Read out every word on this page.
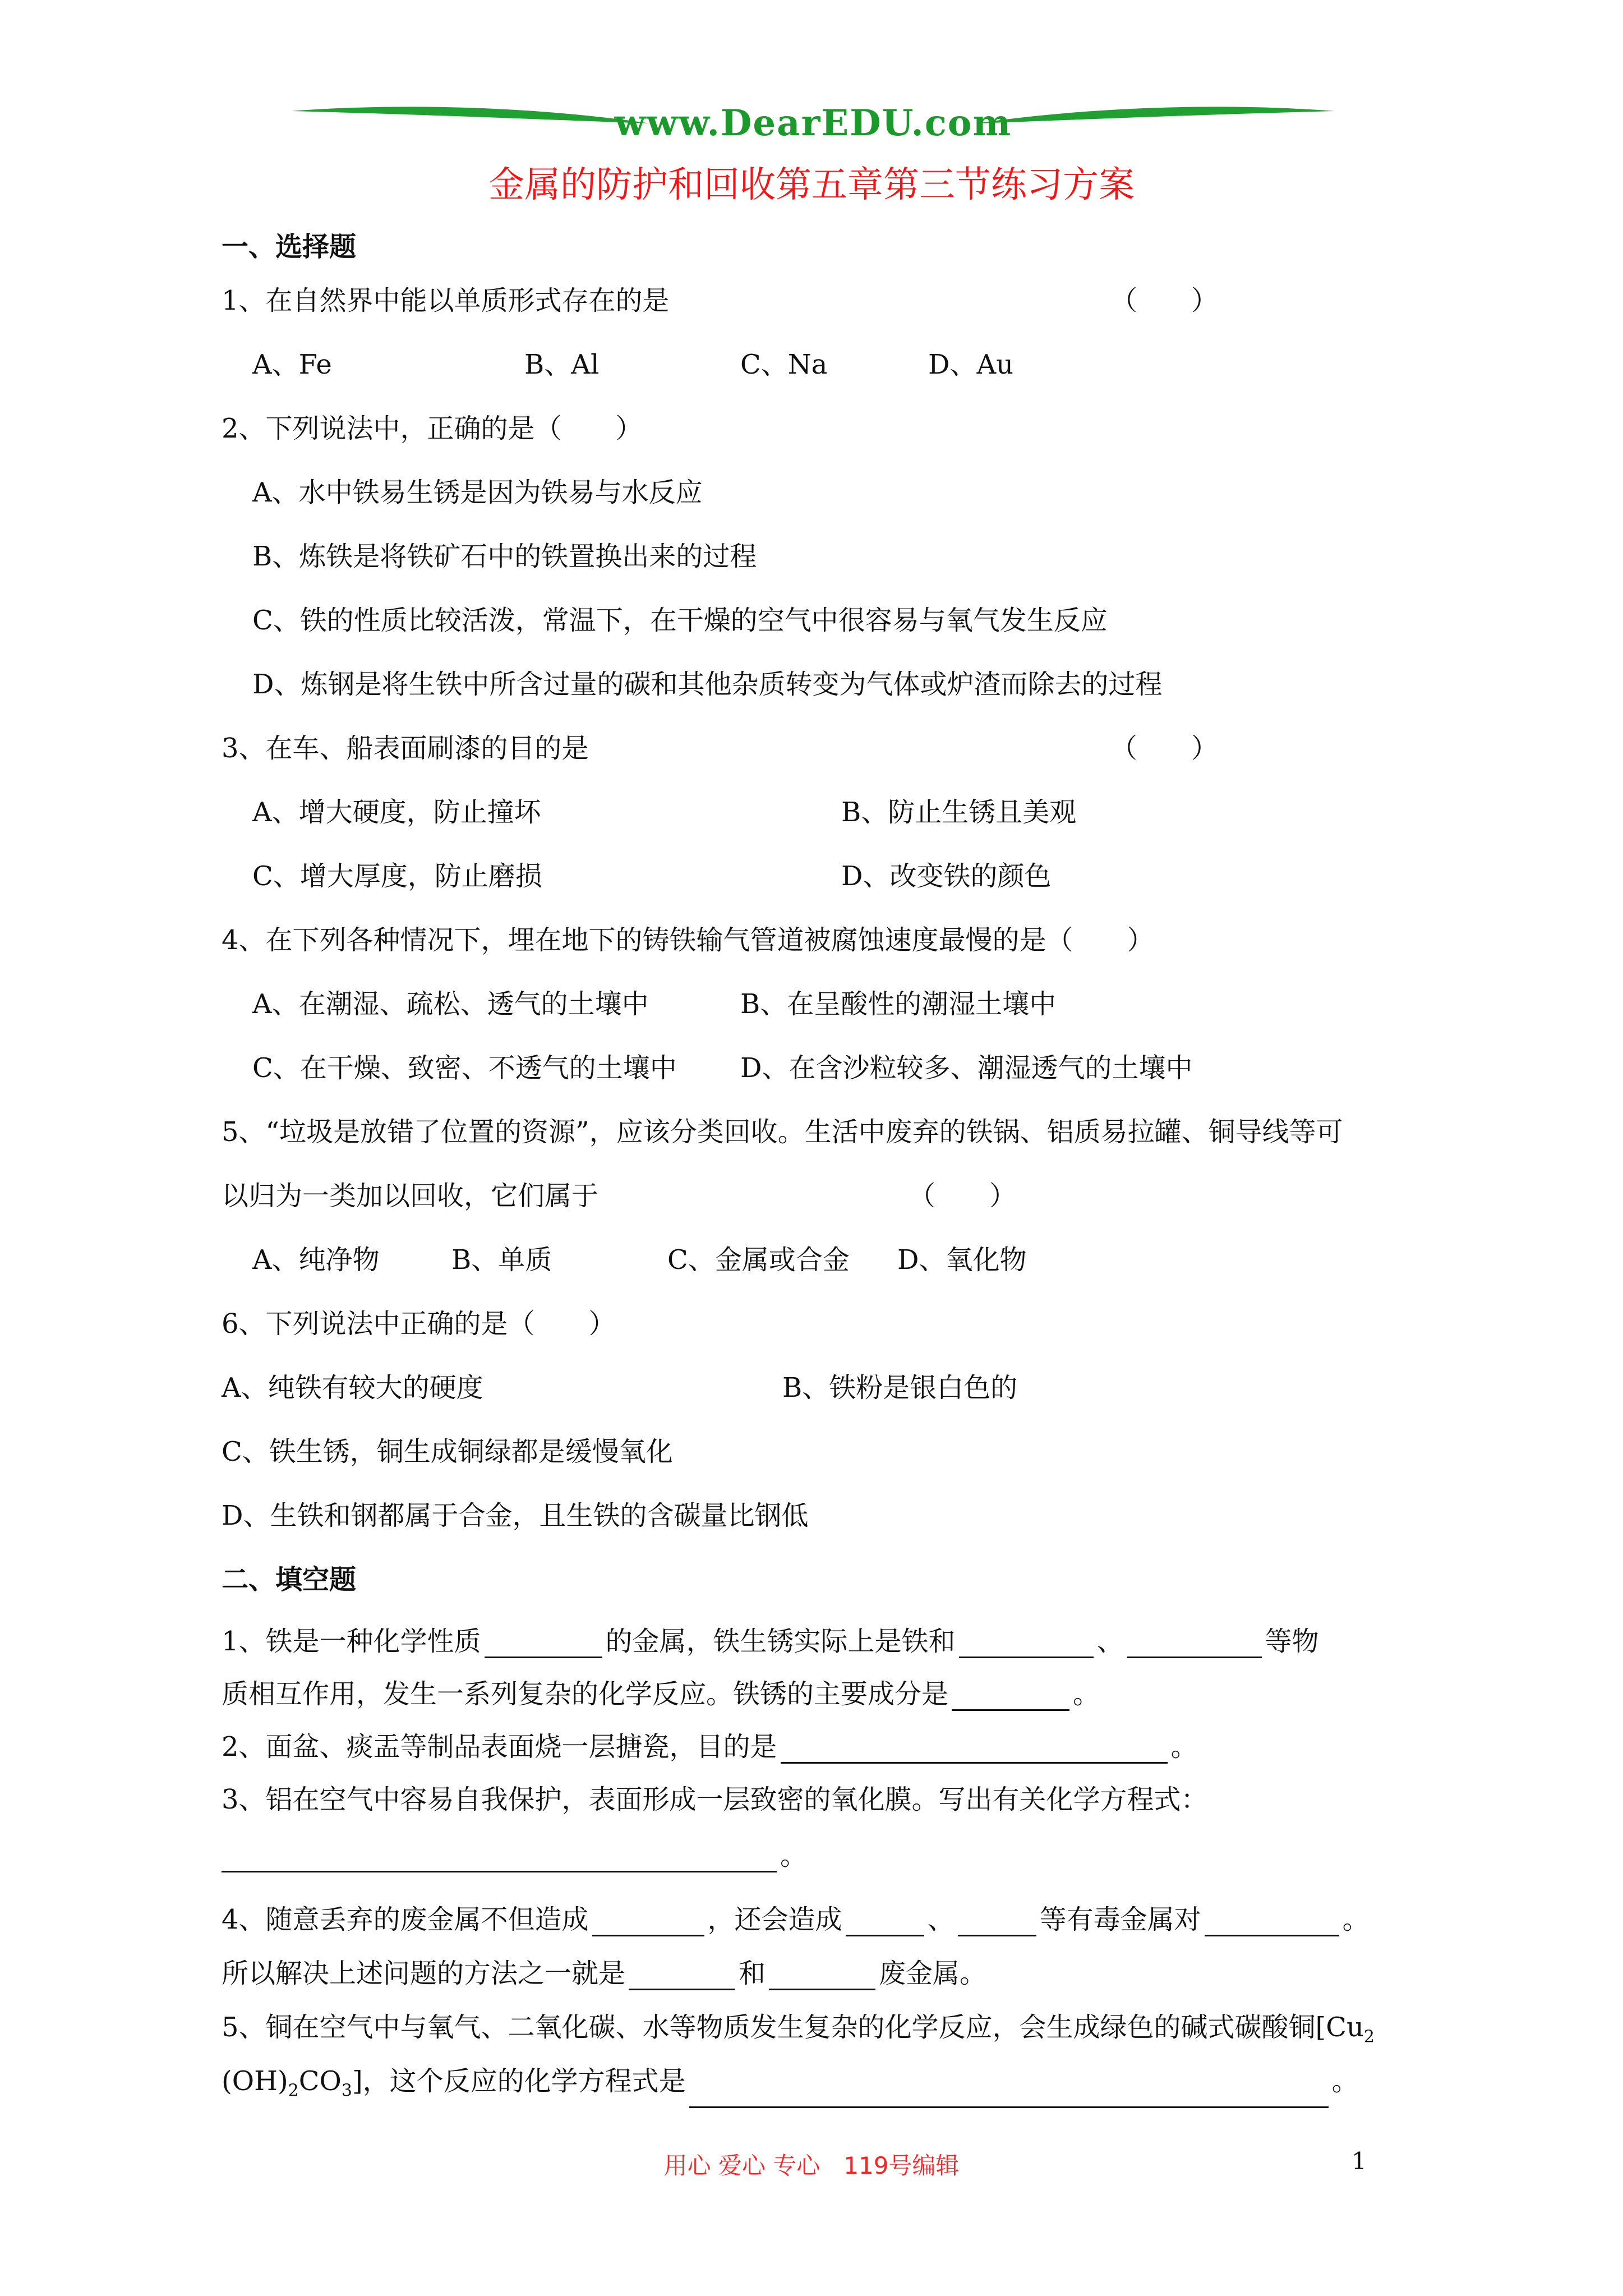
www.DearEDU.com
金属的防护和回收第五章第三节练习方案
一、选择题
1、在自然界中能以单质形式存在的是	（　　）
A、Fe	B、Al	C、Na	D、Au
2、下列说法中，正确的是（　　）
A、水中铁易生锈是因为铁易与水反应
B、炼铁是将铁矿石中的铁置换出来的过程
C、铁的性质比较活泼，常温下，在干燥的空气中很容易与氧气发生反应
D、炼钢是将生铁中所含过量的碳和其他杂质转变为气体或炉渣而除去的过程
3、在车、船表面刷漆的目的是	（　　）
A、增大硬度，防止撞坏	B、防止生锈且美观
C、增大厚度，防止磨损	D、改变铁的颜色
4、在下列各种情况下，埋在地下的铸铁输气管道被腐蚀速度最慢的是（　　）
A、在潮湿、疏松、透气的土壤中	B、在呈酸性的潮湿土壤中
C、在干燥、致密、不透气的土壤中 D、在含沙粒较多、潮湿透气的土壤中
5、“垃圾是放错了位置的资源”，应该分类回收。生活中废弃的铁锅、铝质易拉罐、铜导线等可
以归为一类加以回收，它们属于	（　　）
A、纯净物	B、单质	C、金属或合金 D、氧化物
6、下列说法中正确的是（　　）
A、纯铁有较大的硬度	B、铁粉是银白色的
C、铁生锈，铜生成铜绿都是缓慢氧化
D、生铁和钢都属于合金，且生铁的含碳量比钢低
二、填空题
1、铁是一种化学性质	的金属，铁生锈实际上是铁和	、	等物
质相互作用，发生一系列复杂的化学反应。铁锈的主要成分是	。
2、面盆、痰盂等制品表面烧一层搪瓷，目的是	。
3、铝在空气中容易自我保护，表面形成一层致密的氧化膜。写出有关化学方程式：
。
4、随意丢弃的废金属不但造成	，还会造成	、	等有毒金属对	。
所以解决上述问题的方法之一就是	和	废金属。
5、铜在空气中与氧气、二氧化碳、水等物质发生复杂的化学反应，会生成绿色的碱式碳酸铜[$Cu_2$
$(OH)_2CO_3$]，这个反应的化学方程式是	。
用心 爱心 专心　119号编辑	1
